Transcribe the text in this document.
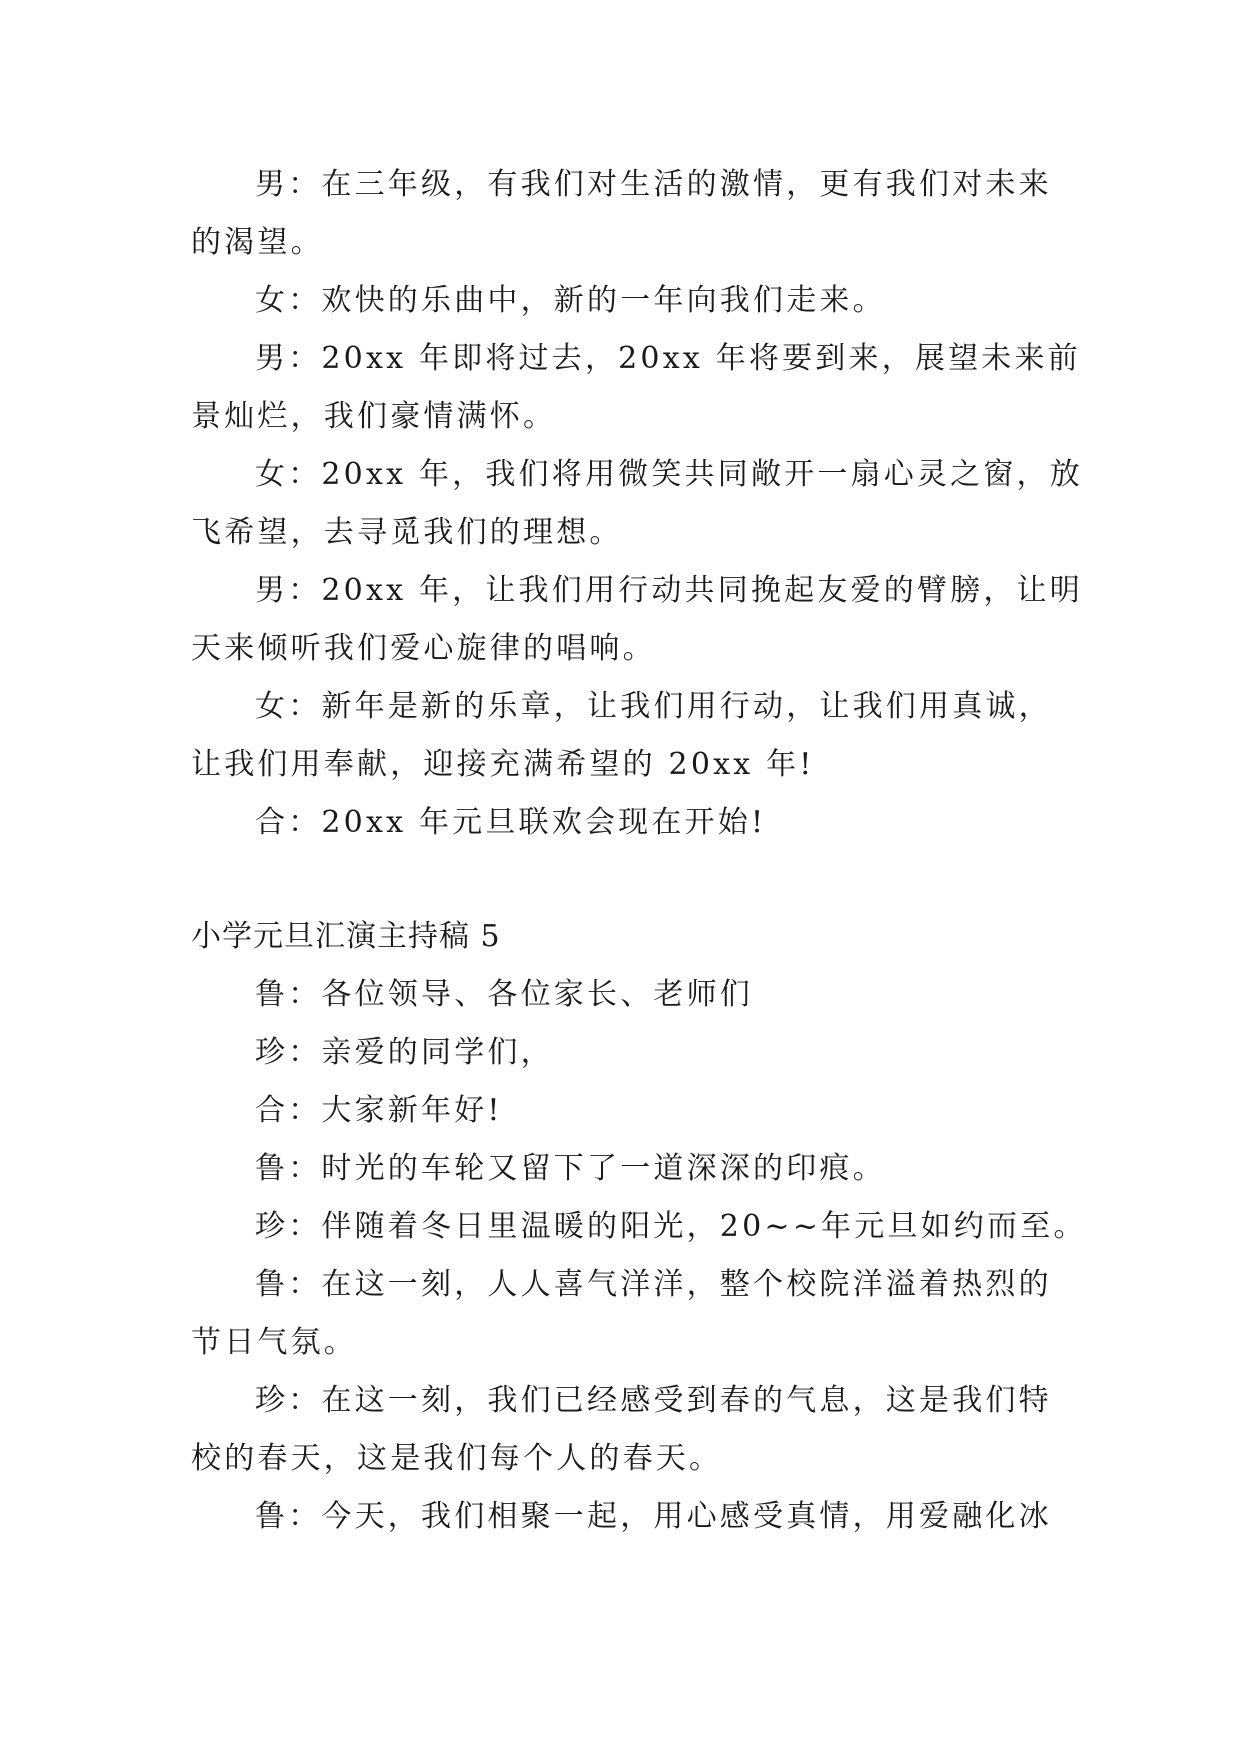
男：在三年级，有我们对生活的激情，更有我们对未来

的渴望。

女：欢快的乐曲中，新的一年向我们走来。

男：20xx 年即将过去，20xx 年将要到来，展望未来前

景灿烂，我们豪情满怀。

女：20xx 年，我们将用微笑共同敞开一扇心灵之窗，放

飞希望，去寻觅我们的理想。

男：20xx 年，让我们用行动共同挽起友爱的臂膀，让明

天来倾听我们爱心旋律的唱响。

女：新年是新的乐章，让我们用行动，让我们用真诚，

让我们用奉献，迎接充满希望的 20xx 年!

合：20xx 年元旦联欢会现在开始!

小学元旦汇演主持稿 5

鲁：各位领导、各位家长、老师们

珍：亲爱的同学们，

合：大家新年好!

鲁：时光的车轮又留下了一道深深的印痕。

珍：伴随着冬日里温暖的阳光，20~~年元旦如约而至。

鲁：在这一刻，人人喜气洋洋，整个校院洋溢着热烈的

节日气氛。

珍：在这一刻，我们已经感受到春的气息，这是我们特

校的春天，这是我们每个人的春天。

鲁：今天，我们相聚一起，用心感受真情，用爱融化冰
